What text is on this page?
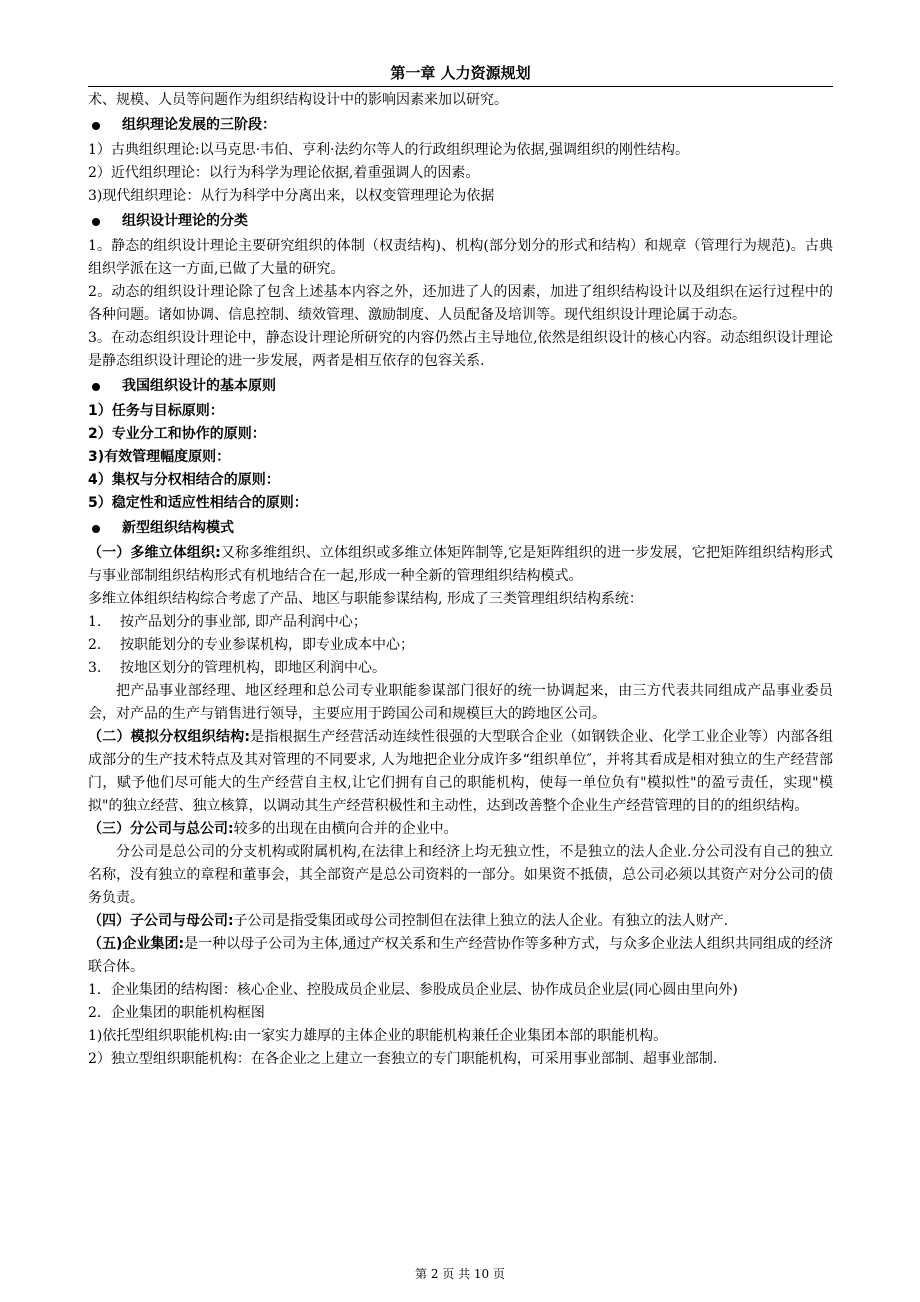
第一章 人力资源规划

术、规模、人员等问题作为组织结构设计中的影响因素来加以研究。

组织理论发展的三阶段：

1）古典组织理论:以马克思·韦伯、亨利·法约尔等人的行政组织理论为依据,强调组织的刚性结构。

2）近代组织理论：以行为科学为理论依据,着重强调人的因素。

3)现代组织理论：从行为科学中分离出来，以权变管理理论为依据

组织设计理论的分类

1。静态的组织设计理论主要研究组织的体制（权责结构)、机构(部分划分的形式和结构）和规章（管理行为规范)。古典组织学派在这一方面,已做了大量的研究。

2。动态的组织设计理论除了包含上述基本内容之外，还加进了人的因素，加进了组织结构设计以及组织在运行过程中的各种问题。诸如协调、信息控制、绩效管理、激励制度、人员配备及培训等。现代组织设计理论属于动态。

3。在动态组织设计理论中，静态设计理论所研究的内容仍然占主导地位,依然是组织设计的核心内容。动态组织设计理论是静态组织设计理论的进一步发展，两者是相互依存的包容关系.

我国组织设计的基本原则

1）任务与目标原则：

2）专业分工和协作的原则：

3)有效管理幅度原则：

4）集权与分权相结合的原则：

5）稳定性和适应性相结合的原则：

新型组织结构模式

（一）多维立体组织:又称多维组织、立体组织或多维立体矩阵制等,它是矩阵组织的进一步发展，它把矩阵组织结构形式与事业部制组织结构形式有机地结合在一起,形成一种全新的管理组织结构模式。

多维立体组织结构综合考虑了产品、地区与职能参谋结构, 形成了三类管理组织结构系统：

1.	按产品划分的事业部, 即产品利润中心；
2.	按职能划分的专业参谋机构，即专业成本中心；
3.	按地区划分的管理机构，即地区利润中心。

把产品事业部经理、地区经理和总公司专业职能参谋部门很好的统一协调起来，由三方代表共同组成产品事业委员会，对产品的生产与销售进行领导，主要应用于跨国公司和规模巨大的跨地区公司。

（二）模拟分权组织结构:是指根据生产经营活动连续性很强的大型联合企业（如钢铁企业、化学工业企业等）内部各组成部分的生产技术特点及其对管理的不同要求, 人为地把企业分成许多“组织单位″，并将其看成是相对独立的生产经营部门，赋予他们尽可能大的生产经营自主权,让它们拥有自己的职能机构，使每一单位负有"模拟性"的盈亏责任，实现"模拟"的独立经营、独立核算，以调动其生产经营积极性和主动性，达到改善整个企业生产经营管理的目的的组织结构。

（三）分公司与总公司:较多的出现在由横向合并的企业中。

分公司是总公司的分支机构或附属机构,在法律上和经济上均无独立性，不是独立的法人企业.分公司没有自己的独立名称，没有独立的章程和董事会，其全部资产是总公司资料的一部分。如果资不抵债，总公司必须以其资产对分公司的债务负责。

（四）子公司与母公司:子公司是指受集团或母公司控制但在法律上独立的法人企业。有独立的法人财产.

（五)企业集团:是一种以母子公司为主体,通过产权关系和生产经营协作等多种方式，与众多企业法人组织共同组成的经济联合体。

1．企业集团的结构图：核心企业、控股成员企业层、参股成员企业层、协作成员企业层(同心圆由里向外)

2．企业集团的职能机构框图

1)依托型组织职能机构:由一家实力雄厚的主体企业的职能机构兼任企业集团本部的职能机构。

2）独立型组织职能机构：在各企业之上建立一套独立的专门职能机构，可采用事业部制、超事业部制.

第 2 页 共 10 页
